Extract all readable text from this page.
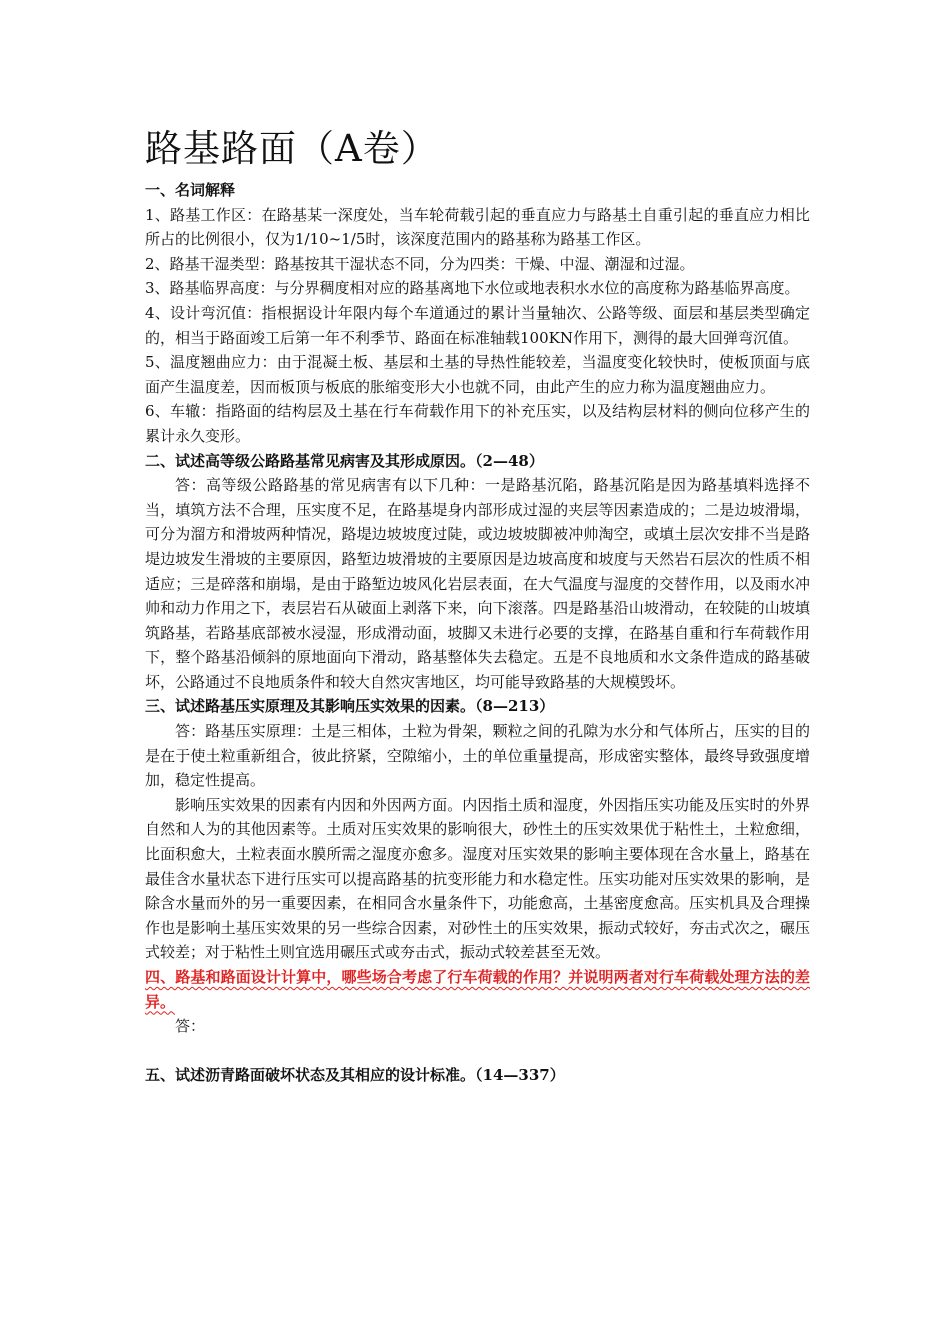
路基路面（A卷）

一、名词解释

1、路基工作区：在路基某一深度处，当车轮荷载引起的垂直应力与路基土自重引起的垂直应力相比所占的比例很小，仅为1/10~1/5时，该深度范围内的路基称为路基工作区。

2、路基干湿类型：路基按其干湿状态不同，分为四类：干燥、中湿、潮湿和过湿。

3、路基临界高度：与分界稠度相对应的路基离地下水位或地表积水水位的高度称为路基临界高度。

4、设计弯沉值：指根据设计年限内每个车道通过的累计当量轴次、公路等级、面层和基层类型确定的，相当于路面竣工后第一年不利季节、路面在标准轴载100KN作用下，测得的最大回弹弯沉值。

5、温度翘曲应力：由于混凝土板、基层和土基的导热性能较差，当温度变化较快时，使板顶面与底面产生温度差，因而板顶与板底的胀缩变形大小也就不同，由此产生的应力称为温度翘曲应力。

6、车辙：指路面的结构层及土基在行车荷载作用下的补充压实，以及结构层材料的侧向位移产生的累计永久变形。

二、试述高等级公路路基常见病害及其形成原因。（2—48）

答：高等级公路路基的常见病害有以下几种：一是路基沉陷，路基沉陷是因为路基填料选择不当，填筑方法不合理，压实度不足，在路基堤身内部形成过湿的夹层等因素造成的；二是边坡滑塌，可分为溜方和滑坡两种情况，路堤边坡坡度过陡，或边坡坡脚被冲帅淘空，或填土层次安排不当是路堤边坡发生滑坡的主要原因，路堑边坡滑坡的主要原因是边坡高度和坡度与天然岩石层次的性质不相适应；三是碎落和崩塌，是由于路堑边坡风化岩层表面，在大气温度与湿度的交替作用，以及雨水冲帅和动力作用之下，表层岩石从破面上剥落下来，向下滚落。四是路基沿山坡滑动，在较陡的山坡填筑路基，若路基底部被水浸湿，形成滑动面，坡脚又未进行必要的支撑，在路基自重和行车荷载作用下，整个路基沿倾斜的原地面向下滑动，路基整体失去稳定。五是不良地质和水文条件造成的路基破坏，公路通过不良地质条件和较大自然灾害地区，均可能导致路基的大规模毁坏。

三、试述路基压实原理及其影响压实效果的因素。（8—213）

答：路基压实原理：土是三相体，土粒为骨架，颗粒之间的孔隙为水分和气体所占，压实的目的是在于使土粒重新组合，彼此挤紧，空隙缩小，土的单位重量提高，形成密实整体，最终导致强度增加，稳定性提高。

影响压实效果的因素有内因和外因两方面。内因指土质和湿度，外因指压实功能及压实时的外界自然和人为的其他因素等。土质对压实效果的影响很大，砂性土的压实效果优于粘性土，土粒愈细，比面积愈大，土粒表面水膜所需之湿度亦愈多。湿度对压实效果的影响主要体现在含水量上，路基在最佳含水量状态下进行压实可以提高路基的抗变形能力和水稳定性。压实功能对压实效果的影响，是除含水量而外的另一重要因素，在相同含水量条件下，功能愈高，土基密度愈高。压实机具及合理操作也是影响土基压实效果的另一些综合因素，对砂性土的压实效果，振动式较好，夯击式次之，碾压式较差；对于粘性土则宜选用碾压式或夯击式，振动式较差甚至无效。

四、路基和路面设计计算中，哪些场合考虑了行车荷载的作用？并说明两者对行车荷载处理方法的差异。

答：

五、试述沥青路面破坏状态及其相应的设计标准。（14—337）
